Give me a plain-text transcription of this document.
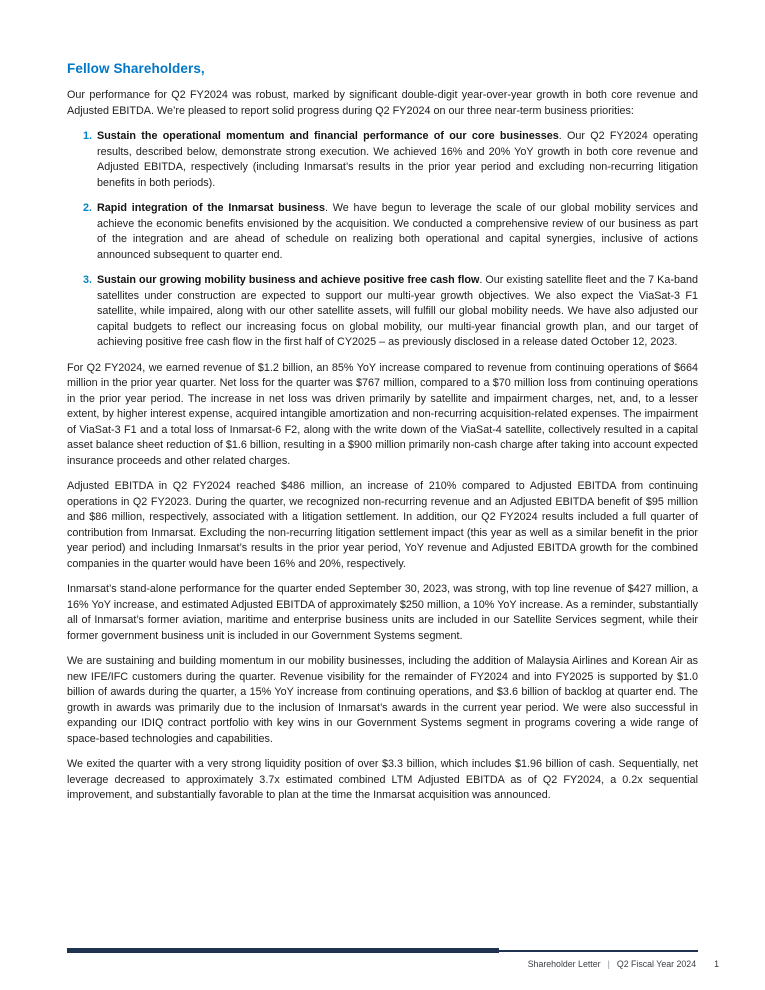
Fellow Shareholders,

Our performance for Q2 FY2024 was robust, marked by significant double-digit year-over-year growth in both core revenue and Adjusted EBITDA. We’re pleased to report solid progress during Q2 FY2024 on our three near-term business priorities:

1. Sustain the operational momentum and financial performance of our core businesses. Our Q2 FY2024 operating results, described below, demonstrate strong execution. We achieved 16% and 20% YoY growth in both core revenue and Adjusted EBITDA, respectively (including Inmarsat’s results in the prior year period and excluding non-recurring litigation benefits in both periods).
2. Rapid integration of the Inmarsat business. We have begun to leverage the scale of our global mobility services and achieve the economic benefits envisioned by the acquisition. We conducted a comprehensive review of our business as part of the integration and are ahead of schedule on realizing both operational and capital synergies, inclusive of actions announced subsequent to quarter end.
3. Sustain our growing mobility business and achieve positive free cash flow. Our existing satellite fleet and the 7 Ka-band satellites under construction are expected to support our multi-year growth objectives. We also expect the ViaSat-3 F1 satellite, while impaired, along with our other satellite assets, will fulfill our global mobility needs. We have also adjusted our capital budgets to reflect our increasing focus on global mobility, our multi-year financial growth plan, and our target of achieving positive free cash flow in the first half of CY2025 – as previously disclosed in a release dated October 12, 2023.

For Q2 FY2024, we earned revenue of $1.2 billion, an 85% YoY increase compared to revenue from continuing operations of $664 million in the prior year quarter. Net loss for the quarter was $767 million, compared to a $70 million loss from continuing operations in the prior year period. The increase in net loss was driven primarily by satellite and impairment charges, net, and, to a lesser extent, by higher interest expense, acquired intangible amortization and non-recurring acquisition-related expenses. The impairment of ViaSat-3 F1 and a total loss of Inmarsat-6 F2, along with the write down of the ViaSat-4 satellite, collectively resulted in a capital asset balance sheet reduction of $1.6 billion, resulting in a $900 million primarily non-cash charge after taking into account expected insurance proceeds and other related charges.

Adjusted EBITDA in Q2 FY2024 reached $486 million, an increase of 210% compared to Adjusted EBITDA from continuing operations in Q2 FY2023. During the quarter, we recognized non-recurring revenue and an Adjusted EBITDA benefit of $95 million and $86 million, respectively, associated with a litigation settlement. In addition, our Q2 FY2024 results included a full quarter of contribution from Inmarsat. Excluding the non-recurring litigation settlement impact (this year as well as a similar benefit in the prior year period) and including Inmarsat’s results in the prior year period, YoY revenue and Adjusted EBITDA growth for the combined companies in the quarter would have been 16% and 20%, respectively.

Inmarsat’s stand-alone performance for the quarter ended September 30, 2023, was strong, with top line revenue of $427 million, a 16% YoY increase, and estimated Adjusted EBITDA of approximately $250 million, a 10% YoY increase. As a reminder, substantially all of Inmarsat’s former aviation, maritime and enterprise business units are included in our Satellite Services segment, while their former government business unit is included in our Government Systems segment.

We are sustaining and building momentum in our mobility businesses, including the addition of Malaysia Airlines and Korean Air as new IFE/IFC customers during the quarter. Revenue visibility for the remainder of FY2024 and into FY2025 is supported by $1.0 billion of awards during the quarter, a 15% YoY increase from continuing operations, and $3.6 billion of backlog at quarter end. The growth in awards was primarily due to the inclusion of Inmarsat’s awards in the current year period. We were also successful in expanding our IDIQ contract portfolio with key wins in our Government Systems segment in programs covering a wide range of space-based technologies and capabilities.

We exited the quarter with a very strong liquidity position of over $3.3 billion, which includes $1.96 billion of cash. Sequentially, net leverage decreased to approximately 3.7x estimated combined LTM Adjusted EBITDA as of Q2 FY2024, a 0.2x sequential improvement, and substantially favorable to plan at the time the Inmarsat acquisition was announced.

Shareholder Letter | Q2 Fiscal Year 2024 1
